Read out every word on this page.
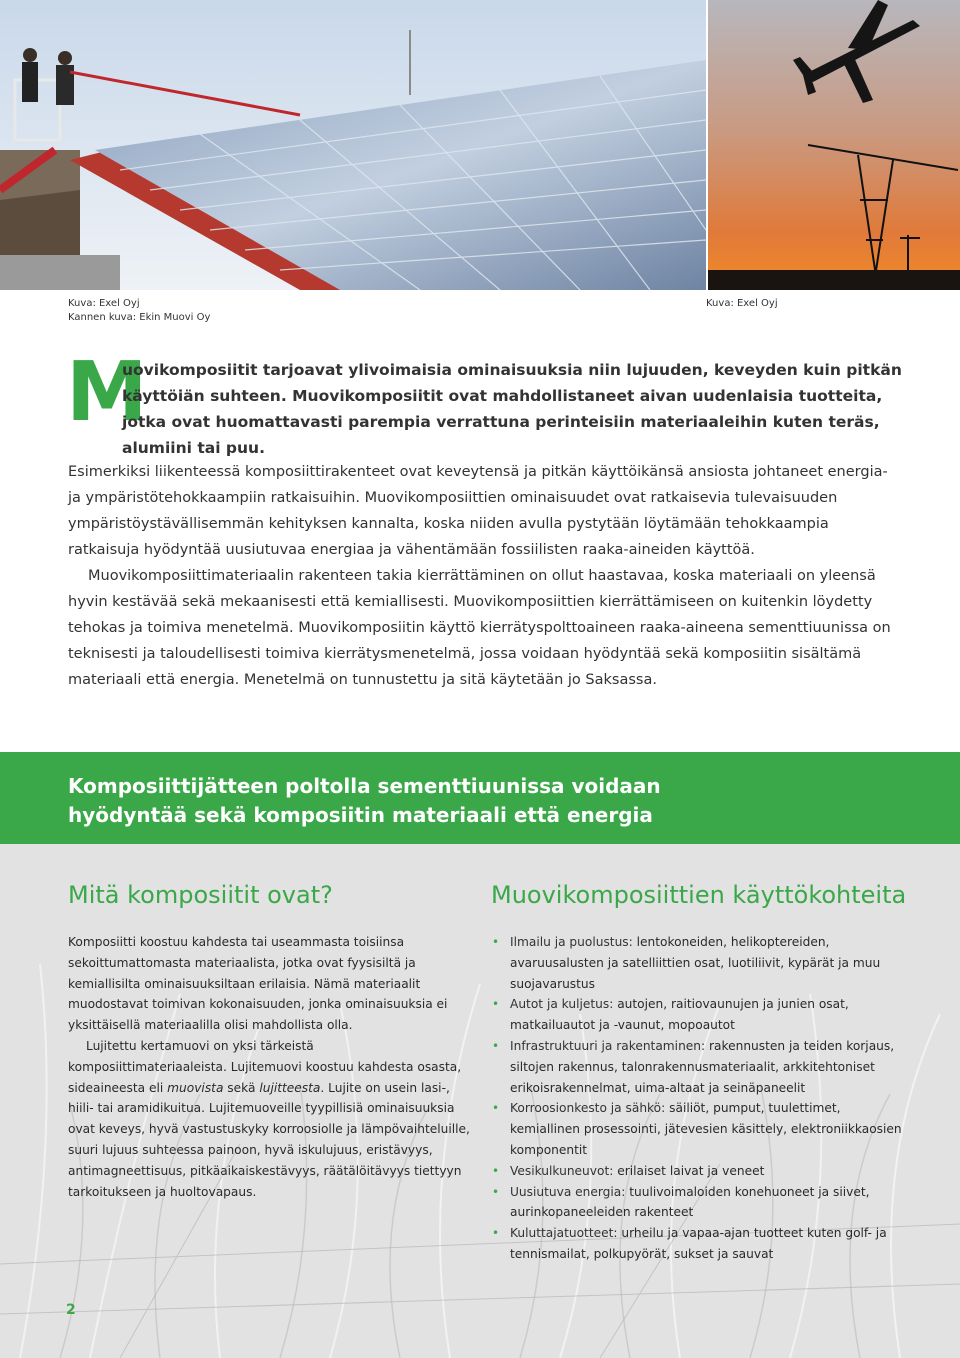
Kuva: Exel Oyj
Kannen kuva: Ekin Muovi Oy
Kuva: Exel Oyj
M
uovikomposiitit tarjoavat ylivoimaisia ominaisuuksia niin lujuuden, keveyden kuin pitkän käyttöiän suhteen. Muovikomposiitit ovat mahdollistaneet aivan uudenlaisia tuotteita, jotka ovat huomattavasti parempia verrattuna perinteisiin materiaaleihin kuten teräs, alumiini tai puu.

Esimerkiksi liikenteessä komposiittirakenteet ovat keveytensä ja pitkän käyttöikänsä ansiosta johtaneet energia- ja ympäristötehokkaampiin ratkaisuihin. Muovikomposiittien ominaisuudet ovat ratkaisevia tulevaisuuden ympäristöystävällisemmän kehityksen kannalta, koska niiden avulla pystytään löytämään tehokkaampia ratkaisuja hyödyntää uusiutuvaa energiaa ja vähentämään fossiilisten raaka-aineiden käyttöä.

Muovikomposiittimateriaalin rakenteen takia kierrättäminen on ollut haastavaa, koska materiaali on yleensä hyvin kestävää sekä mekaanisesti että kemiallisesti. Muovikomposiittien kierrättämiseen on kuitenkin löydetty tehokas ja toimiva menetelmä. Muovikomposiitin käyttö kierrätyspolttoaineen raaka-aineena sementtiuunissa on teknisesti ja taloudellisesti toimiva kierrätysmenetelmä, jossa voidaan hyödyntää sekä komposiitin sisältämä materiaali että energia. Menetelmä on tunnustettu ja sitä käytetään jo Saksassa.

Komposiittijätteen poltolla sementtiuunissa voidaan
hyödyntää sekä komposiitin materiaali että energia
Mitä komposiitit ovat?	Muovikomposiittien käyttökohteita

Komposiitti koostuu kahdesta tai useammasta toisiinsa sekoittumattomasta materiaalista, jotka ovat fyysisiltä ja kemiallisilta ominaisuuksiltaan erilaisia. Nämä materiaalit muodostavat toimivan kokonaisuuden, jonka ominaisuuksia ei yksittäisellä materiaalilla olisi mahdollista olla.

Lujitettu kertamuovi on yksi tärkeistä komposiittimateriaaleista. Lujitemuovi koostuu kahdesta osasta, sideaineesta eli muovista sekä lujitteesta. Lujite on usein lasi-, hiili- tai aramidikuitua. Lujitemuoveille tyypillisiä ominaisuuksia ovat keveys, hyvä vastustuskyky korroosiolle ja lämpövaihteluille, suuri lujuus suhteessa painoon, hyvä iskulujuus, eristävyys, antimagneettisuus, pitkäaikaiskestävyys, räätälöitävyys tiettyyn tarkoitukseen ja huoltovapaus.

• Ilmailu ja puolustus: lentokoneiden, helikoptereiden, avaruusalusten ja satelliittien osat, luotiliivit, kypärät ja muu suojavarustus
• Autot ja kuljetus: autojen, raitiovaunujen ja junien osat, matkailuautot ja -vaunut, mopoautot
• Infrastruktuuri ja rakentaminen: rakennusten ja teiden korjaus, siltojen rakennus, talonrakennusmateriaalit, arkkitehtoniset erikoisrakennelmat, uima-altaat ja seinäpaneelit
• Korroosionkesto ja sähkö: säiliöt, pumput, tuulettimet, kemiallinen prosessointi, jätevesien käsittely, elektroniikkaosien komponentit
• Vesikulkuneuvot: erilaiset laivat ja veneet
• Uusiutuva energia: tuulivoimaloiden konehuoneet ja siivet, aurinkopaneeleiden rakenteet
• Kuluttajatuotteet: urheilu ja vapaa-ajan tuotteet kuten golf- ja tennismailat, polkupyörät, sukset ja sauvat
2
